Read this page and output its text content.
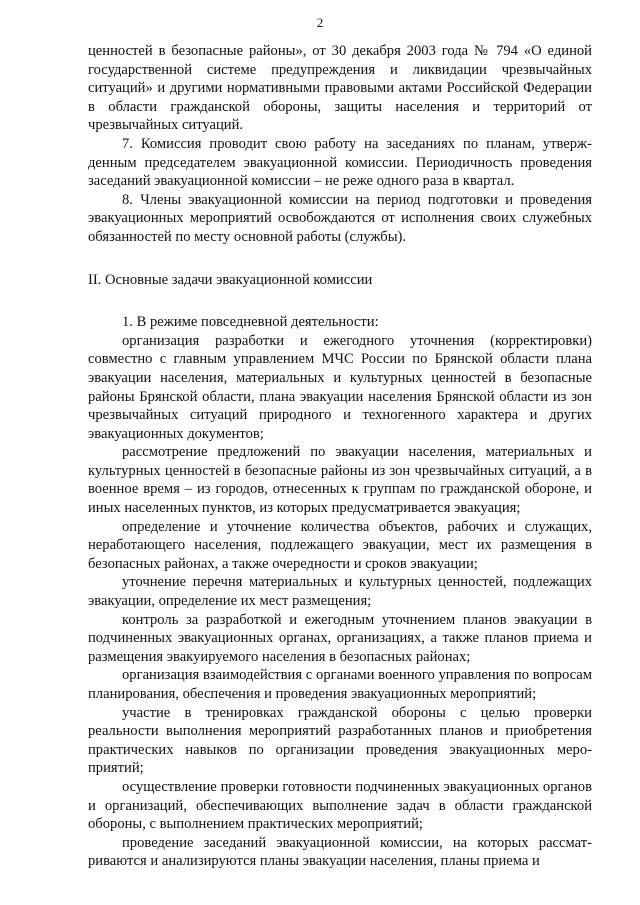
2

ценностей в безопасные районы», от 30 декабря 2003 года № 794 «О единой государственной системе предупреждения и ликвидации чрезвычайных ситуаций» и другими нормативными правовыми актами Российской Федерации в области гражданской обороны, защиты населения и территорий от чрезвычайных ситуаций.

7. Комиссия проводит свою работу на заседаниях по планам, утвержденным председателем эвакуационной комиссии. Периодичность проведения заседаний эвакуационной комиссии – не реже одного раза в квартал.

8. Члены эвакуационной комиссии на период подготовки и проведения эвакуационных мероприятий освобождаются от исполнения своих служебных обязанностей по месту основной работы (службы).

II. Основные задачи эвакуационной комиссии

1. В режиме повседневной деятельности:

организация разработки и ежегодного уточнения (корректировки) совместно с главным управлением МЧС России по Брянской области плана эвакуации населения, материальных и культурных ценностей в безопасные районы Брянской области, плана эвакуации населения Брянской области из зон чрезвычайных ситуаций природного и техногенного характера и других эвакуационных документов;

рассмотрение предложений по эвакуации населения, материальных и культурных ценностей в безопасные районы из зон чрезвычайных ситуаций, а в военное время – из городов, отнесенных к группам по гражданской обороне, и иных населенных пунктов, из которых предусматривается эвакуация;

определение и уточнение количества объектов, рабочих и служащих, неработающего населения, подлежащего эвакуации, мест их размещения в безопасных районах, а также очередности и сроков эвакуации;

уточнение перечня материальных и культурных ценностей, подлежащих эвакуации, определение их мест размещения;

контроль за разработкой и ежегодным уточнением планов эвакуации в подчиненных эвакуационных органах, организациях, а также планов приема и размещения эвакуируемого населения в безопасных районах;

организация взаимодействия с органами военного управления по вопросам планирования, обеспечения и проведения эвакуационных мероприятий;

участие в тренировках гражданской обороны с целью проверки реальности выполнения мероприятий разработанных планов и приобретения практических навыков по организации проведения эвакуационных мероприятий;

осуществление проверки готовности подчиненных эвакуационных органов и организаций, обеспечивающих выполнение задач в области гражданской обороны, с выполнением практических мероприятий;

проведение заседаний эвакуационной комиссии, на которых рассматриваются и анализируются планы эвакуации населения, планы приема и
